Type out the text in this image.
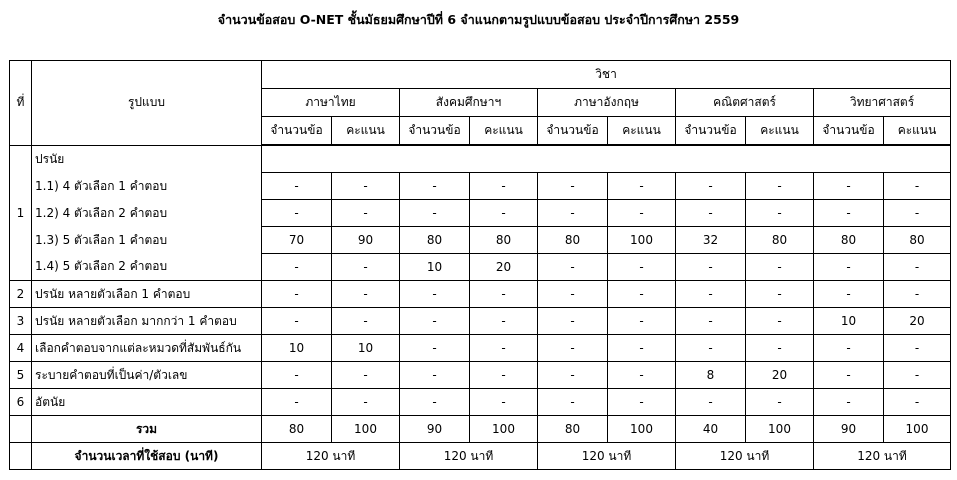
จำนวนข้อสอบ O-NET ชั้นมัธยมศึกษาปีที่ 6 จำแนกตามรูปแบบข้อสอบ ประจำปีการศึกษา 2559
ที่	รูปแบบ	วิชา									
		ภาษาไทย		สังคมศึกษาฯ		ภาษาอังกฤษ		คณิตศาสตร์		วิทยาศาสตร์	
		จำนวนข้อ	คะแนน	จำนวนข้อ	คะแนน	จำนวนข้อ	คะแนน	จำนวนข้อ	คะแนน	จำนวนข้อ	คะแนน
1	ปรนัย										
	1.1) 4 ตัวเลือก 1 คำตอบ	-	-	-	-	-	-	-	-	-	-
	1.2) 4 ตัวเลือก 2 คำตอบ	-	-	-	-	-	-	-	-	-	-
	1.3) 5 ตัวเลือก 1 คำตอบ	70	90	80	80	80	100	32	80	80	80
	1.4) 5 ตัวเลือก 2 คำตอบ	-	-	10	20	-	-	-	-	-	-
2	ปรนัย หลายตัวเลือก 1 คำตอบ	-	-	-	-	-	-	-	-	-	-
3	ปรนัย หลายตัวเลือก มากกว่า 1 คำตอบ	-	-	-	-	-	-	-	-	10	20
4	เลือกคำตอบจากแต่ละหมวดที่สัมพันธ์กัน	10	10	-	-	-	-	-	-	-	-
5	ระบายคำตอบที่เป็นค่า/ตัวเลข	-	-	-	-	-	-	8	20	-	-
6	อัตนัย	-	-	-	-	-	-	-	-	-	-
	รวม	80	100	90	100	80	100	40	100	90	100
	จำนวนเวลาที่ใช้สอบ (นาที)	120 นาที		120 นาที		120 นาที		120 นาที		120 นาที	
